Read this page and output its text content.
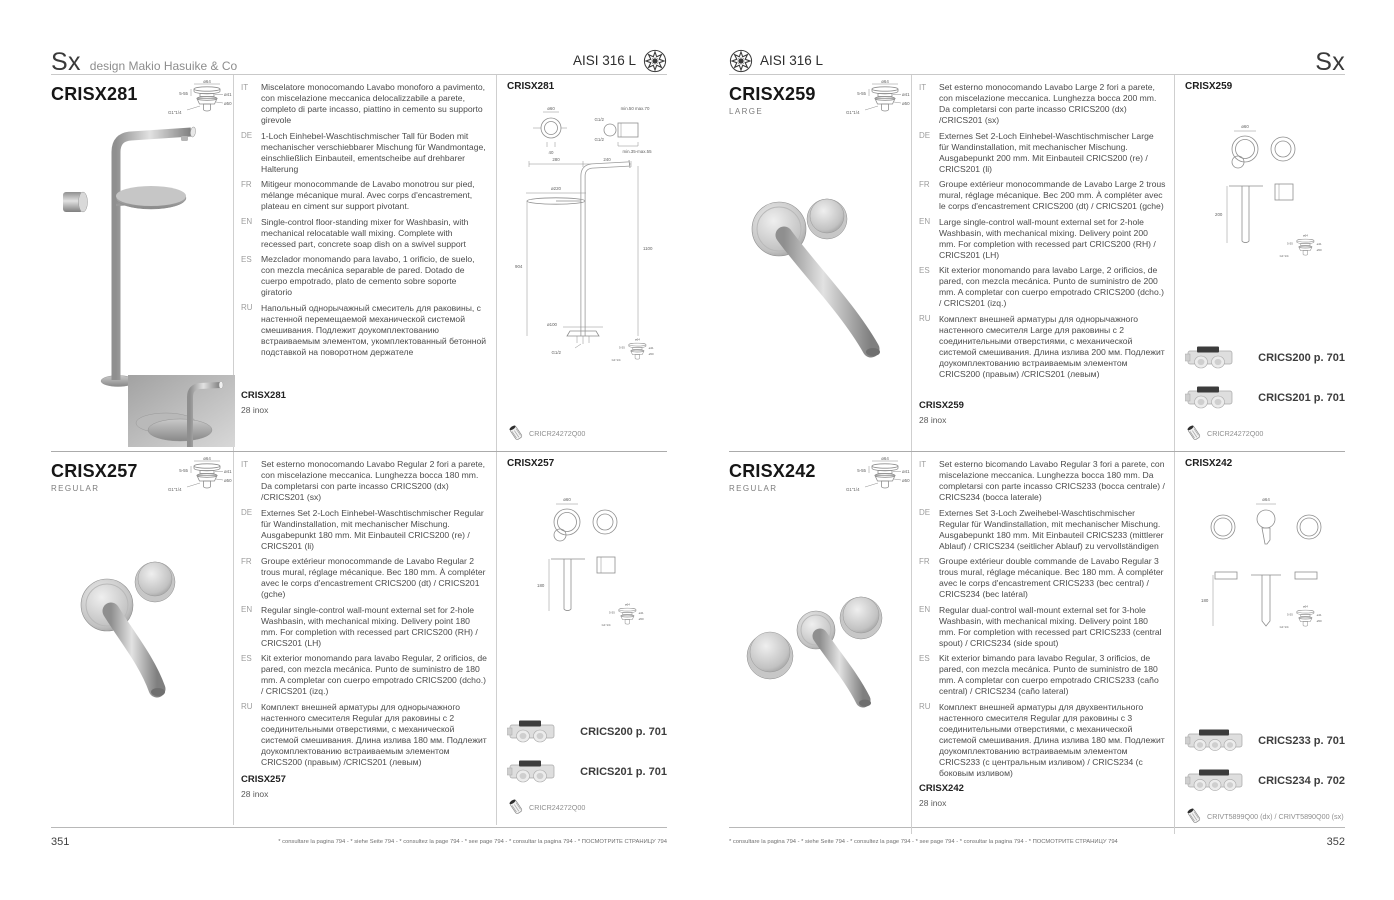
Sx design Makio Hasuike & Co	AISI 316 L
CRISX281
ø64
5-55	ø41
ø50
G1"1/4
IT	Miscelatore monocomando Lavabo monoforo a pavimento, con miscelazione meccanica delocalizzabile a parete, completo di parte incasso, piattino in cemento su supporto girevole

DE	1-Loch Einhebel-Waschtischmischer Tall für Boden mit mechanischer verschiebbarer Mischung für Wandmontage, einschließlich Einbauteil, ementscheibe auf drehbarer Halterung

FR	Mitigeur monocommande de Lavabo monotrou sur pied, mélange mécanique mural. Avec corps d'encastrement, plateau en ciment sur support pivotant.

EN	Single-control floor-standing mixer for Washbasin, with mechanical relocatable wall mixing. Complete with recessed part, concrete soap dish on a swivel support

ES	Mezclador monomando para lavabo, 1 orificio, de suelo, con mezcla mecánica separable de pared. Dotado de cuerpo empotrado, plato de cemento sobre soporte giratorio

RU Напольный однорычажный смеситель для раковины, с настенной перемещаемой механической системой смешивания. Подлежит доукомплектованию встраиваемым элементом, укомплектованный бетонной подставкой на поворотном держателе

CRISX281
28 inox
CRISX281
ø60
40
min.50 max.70
G1/2
G1/2
min.35-max.55
280	240
ø220
904
1100
ø100
G1/2
ø64
5-55	ø41
ø50
G1"1/4
CRICR24272Q00
CRISX257
REGULAR
ø64
5-55	ø41
ø50
G1"1/4
IT	Set esterno monocomando Lavabo Regular 2 fori a parete, con miscelazione meccanica. Lunghezza bocca 180 mm. Da completarsi con parte incasso CRICS200 (dx) /CRICS201 (sx)

DE	Externes Set 2-Loch Einhebel-Waschtischmischer Regular für Wandinstallation, mit mechanischer Mischung. Ausgabepunkt 180 mm. Mit Einbauteil CRICS200 (re) / CRICS201 (li)

FR	Groupe extérieur monocommande de Lavabo Regular 2 trous mural, réglage mécanique. Bec 180 mm. À compléter avec le corps d'encastrement CRICS200 (dt) / CRICS201 (gche)

EN	Regular single-control wall-mount external set for 2-hole Washbasin, with mechanical mixing. Delivery point 180 mm. For completion with recessed part CRICS200 (RH) / CRICS201 (LH)

ES	Kit exterior monomando para lavabo Regular, 2 orificios, de pared, con mezcla mecánica. Punto de suministro de 180 mm. A completar con cuerpo empotrado CRICS200 (dcho.) / CRICS201 (izq.)

RU Комплект внешней арматуры для однорычажного настенного смесителя Regular для раковины с 2 соединительными отверстиями, с механической системой смешивания. Длина излива 180 мм. Подлежит доукомплектованию встраиваемым элементом CRICS200 (правым) /CRICS201 (левым)

CRISX257
28 inox
CRISX257
ø60
180
ø64
5-55	ø41
ø50
G1"1/4
CRICS200 p. 701
CRICS201 p. 701
CRICR24272Q00
351	* consultare la pagina 794 - * siehe Seite 794 - * consultez la page 794 - * see page 794 - * consultar la pagina 794 - * ПОСМОТРИТЕ СТРАНИЦУ 794
AISI 316 L	Sx
CRISX259
LARGE
ø64
5-55	ø41
ø50
G1"1/4
IT	Set esterno monocomando Lavabo Large 2 fori a parete, con miscelazione meccanica. Lunghezza bocca 200 mm. Da completarsi con parte incasso CRICS200 (dx) /CRICS201 (sx)

DE	Externes Set 2-Loch Einhebel-Waschtischmischer Large für Wandinstallation, mit mechanischer Mischung. Ausgabepunkt 200 mm. Mit Einbauteil CRICS200 (re) / CRICS201 (li)

FR	Groupe extérieur monocommande de Lavabo Large 2 trous mural, réglage mécanique. Bec 200 mm. À compléter avec le corps d'encastrement CRICS200 (dt) / CRICS201 (gche)

EN	Large single-control wall-mount external set for 2-hole Washbasin, with mechanical mixing. Delivery point 200 mm. For completion with recessed part CRICS200 (RH) / CRICS201 (LH)

ES	Kit exterior monomando para lavabo Large, 2 orificios, de pared, con mezcla mecánica. Punto de suministro de 200 mm. A completar con cuerpo empotrado CRICS200 (dcho.) / CRICS201 (izq.)

RU Комплект внешней арматуры для однорычажного настенного смесителя Large для раковины с 2 соединительными отверстиями, с механической системой смешивания. Длина излива 200 мм. Подлежит доукомплектованию встраиваемым элементом CRICS200 (правым) /CRICS201 (левым)

CRISX259
28 inox
CRISX259
ø60
200
ø64
5-55	ø41
ø50
G1"1/4
CRICS200 p. 701
CRICS201 p. 701
CRICR24272Q00
CRISX242
REGULAR
ø64
5-55	ø41
ø50
G1"1/4
IT	Set esterno bicomando Lavabo Regular 3 fori a parete, con miscelazione meccanica. Lunghezza bocca 180 mm. Da completarsi con parte incasso CRICS233 (bocca centrale) / CRICS234 (bocca laterale)

DE	Externes Set 3-Loch Zweihebel-Waschtischmischer Regular für Wandinstallation, mit mechanischer Mischung. Ausgabepunkt 180 mm. Mit Einbauteil CRICS233 (mittlerer Ablauf) / CRICS234 (seitlicher Ablauf) zu vervollständigen

FR	Groupe extérieur double commande de Lavabo Regular 3 trous mural, réglage mécanique. Bec 180 mm. À compléter avec le corps d'encastrement CRICS233 (bec central) / CRICS234 (bec latéral)

EN	Regular dual-control wall-mount external set for 3-hole Washbasin, with mechanical mixing. Delivery point 180 mm. For completion with recessed part CRICS233 (central spout) / CRICS234 (side spout)

ES	Kit exterior bimando para lavabo Regular, 3 orificios, de pared, con mezcla mecánica. Punto de suministro de 180 mm. A completar con cuerpo empotrado CRICS233 (caño central) / CRICS234 (caño lateral)

RU Комплект внешней арматуры для двухвентильного настенного смесителя Regular для раковины с 3 соединительными отверстиями, с механической системой смешивания. Длина излива 180 мм. Подлежит доукомплектованию встраиваемым элементом CRICS233 (с центральным изливом) / CRICS234 (с боковым изливом)

CRISX242
28 inox
CRISX242
ø64
180
ø64
5-55	ø41
ø50
G1"1/4
CRICS233 p. 701
CRICS234 p. 702
CRIVT5899Q00 (dx) / CRIVT5890Q00 (sx)
* consultare la pagina 794 - * siehe Seite 794 - * consultez la page 794 - * see page 794 - * consultar la pagina 794 - * ПОСМОТРИТЕ СТРАНИЦУ 794	352
